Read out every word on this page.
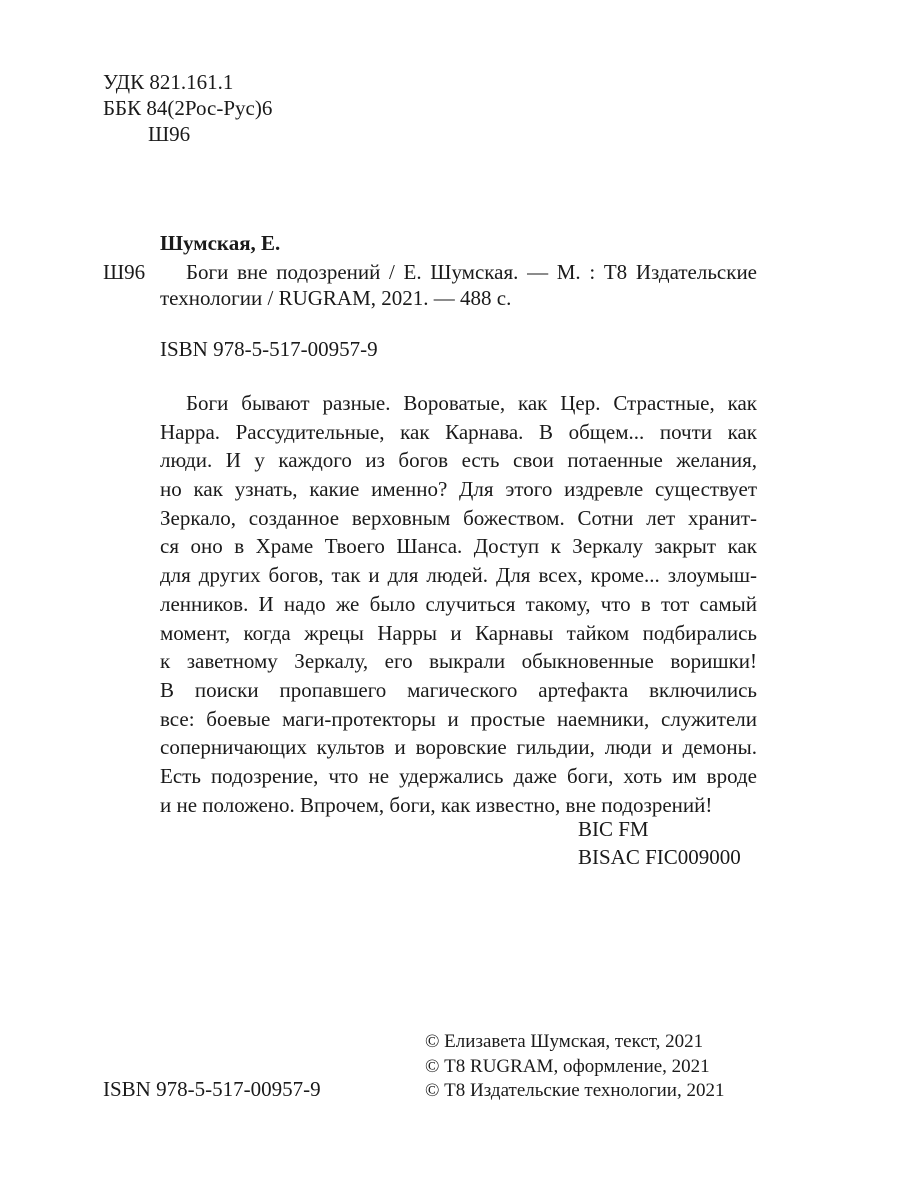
УДК 821.161.1
ББК 84(2Рос-Рус)6
Ш96
Шумская, Е.
Ш96	Боги вне подозрений / Е. Шумская. — М. : Т8 Издательские
технологии / RUGRAM, 2021. — 488 с.
ISBN 978-5-517-00957-9
Боги бывают разные. Вороватые, как Цер. Страстные, как
Нарра. Рассудительные, как Карнава. В общем... почти как
люди. И у каждого из богов есть свои потаенные желания,
но как узнать, какие именно? Для этого издревле существует
Зеркало, созданное верховным божеством. Сотни лет хранит-
ся оно в Храме Твоего Шанса. Доступ к Зеркалу закрыт как
для других богов, так и для людей. Для всех, кроме... злоумыш-
ленников. И надо же было случиться такому, что в тот самый
момент, когда жрецы Нарры и Карнавы тайком подбирались
к заветному Зеркалу, его выкрали обыкновенные воришки!
В поиски пропавшего магического артефакта включились
все: боевые маги-протекторы и простые наемники, служители
соперничающих культов и воровские гильдии, люди и демоны.
Есть подозрение, что не удержались даже боги, хоть им вроде
и не положено. Впрочем, боги, как известно, вне подозрений!
BIC FM
BISAC FIC009000
ISBN 978-5-517-00957-9
© Елизавета Шумская, текст, 2021
© Т8 RUGRAM, оформление, 2021
© Т8 Издательские технологии, 2021
